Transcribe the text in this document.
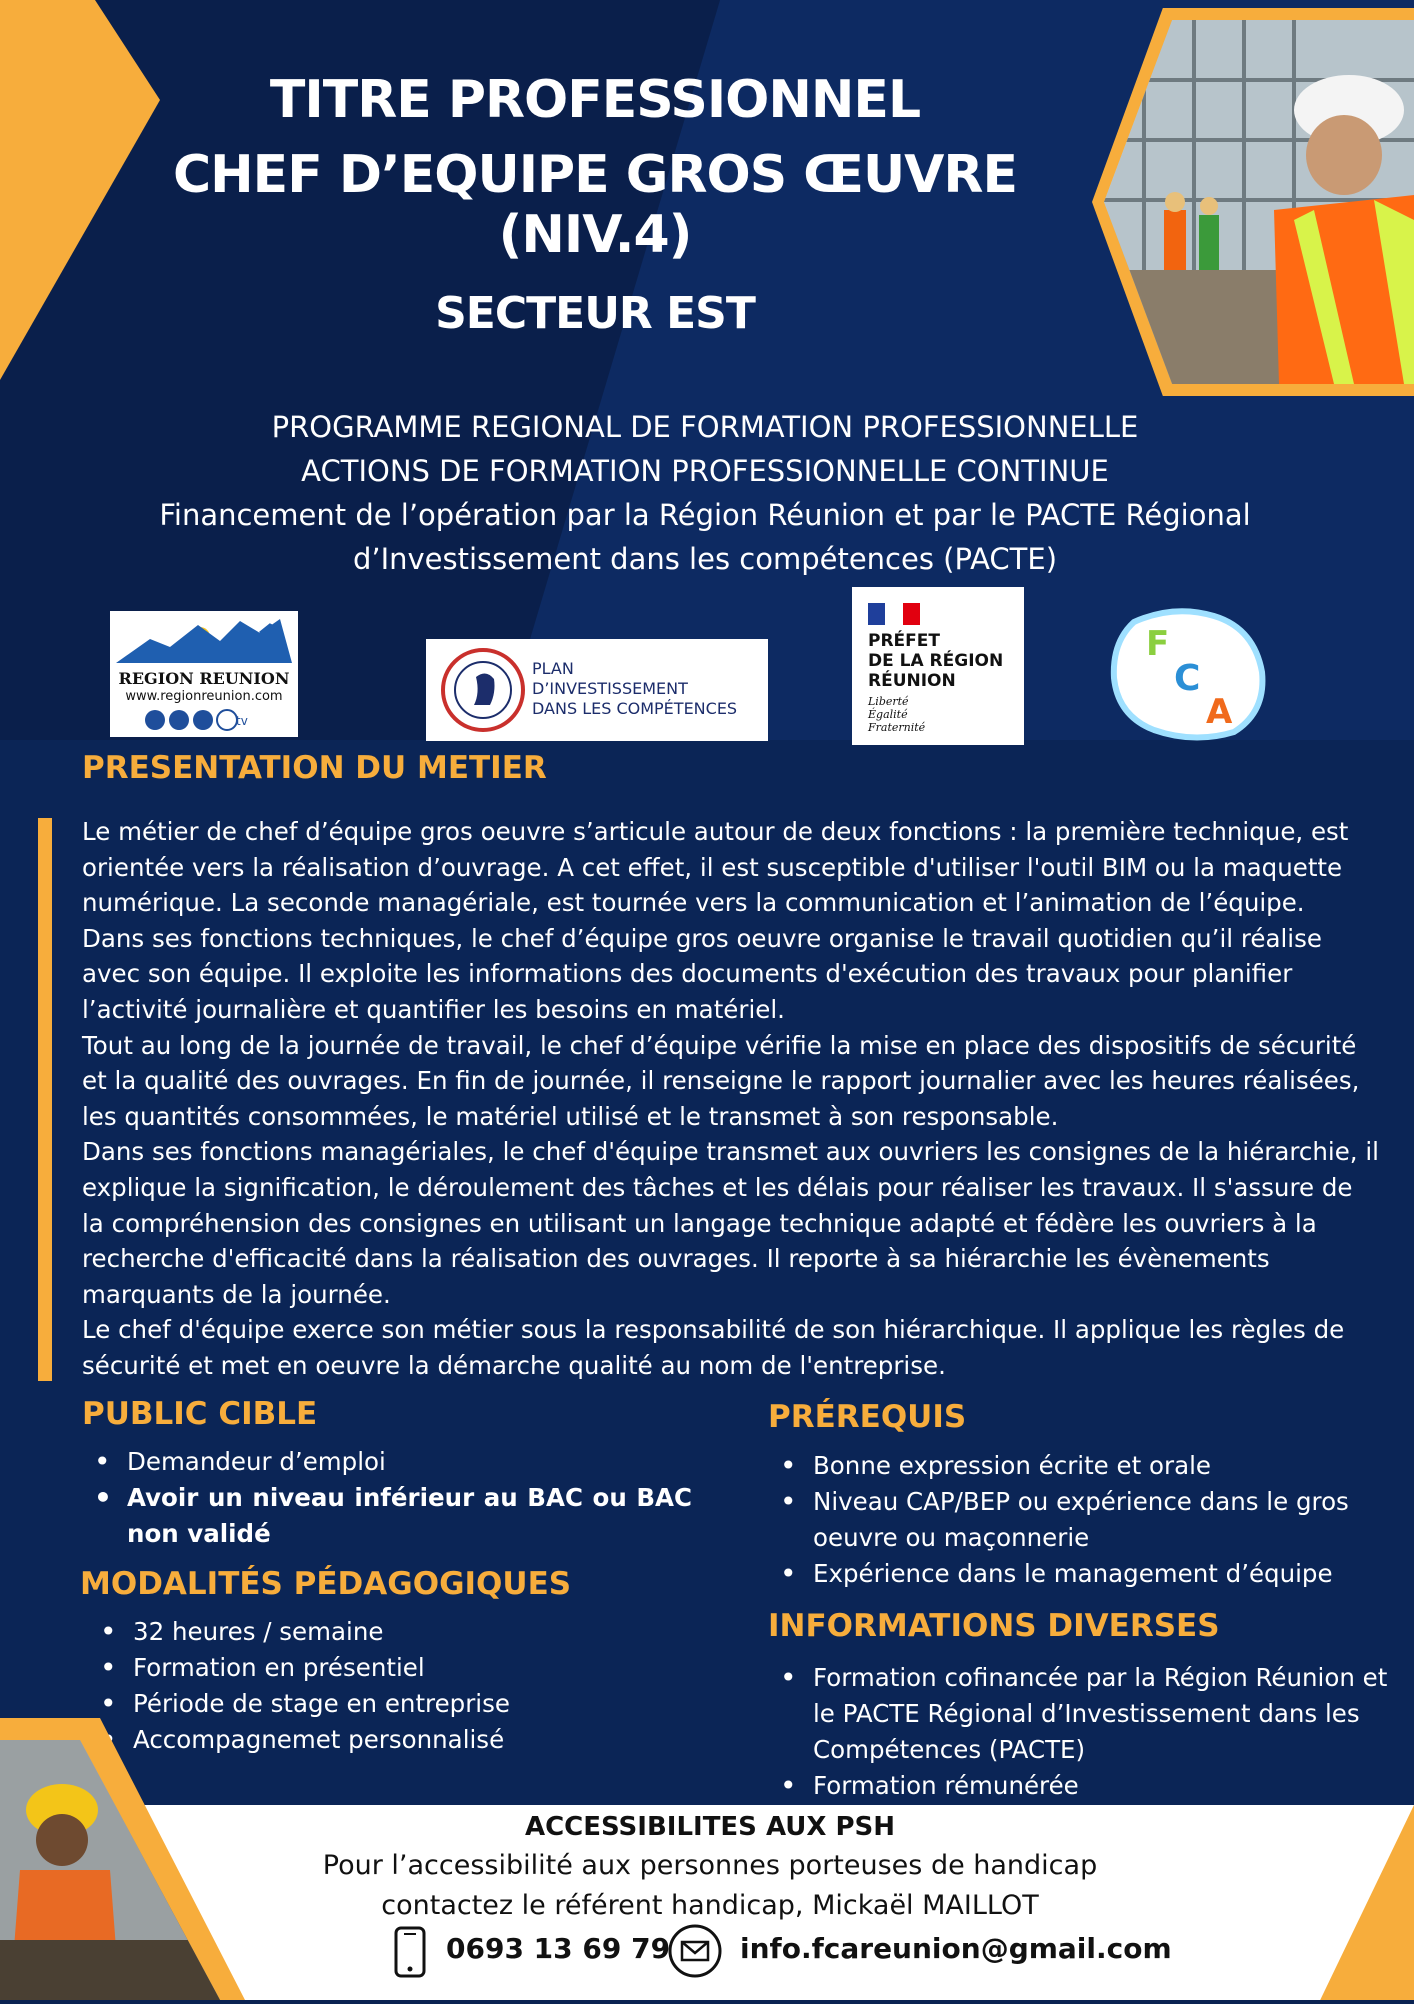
TITRE PROFESSIONNEL
CHEF D’EQUIPE GROS ŒUVRE (NIV.4)
SECTEUR EST
PROGRAMME REGIONAL DE FORMATION PROFESSIONNELLE
ACTIONS DE FORMATION PROFESSIONNELLE CONTINUE
Financement de l’opération par la Région Réunion et par le PACTE Régional
d’Investissement dans les compétences (PACTE)
REGION REUNION
www.regionreunion.com
tv
PLAN
D’INVESTISSEMENT
DANS LES COMPÉTENCES
PRÉFET
DE LA RÉGION
RÉUNION
Liberté
Égalité
Fraternité
F
C
A
PRESENTATION DU METIER

Le métier de chef d’équipe gros oeuvre s’articule autour de deux fonctions : la première technique, est orientée vers la réalisation d’ouvrage. A cet effet, il est susceptible d'utiliser l'outil BIM ou la maquette numérique. La seconde managériale, est tournée vers la communication et l’animation de l’équipe.

Dans ses fonctions techniques, le chef d’équipe gros oeuvre organise le travail quotidien qu’il réalise avec son équipe. Il exploite les informations des documents d'exécution des travaux pour planifier l’activité journalière et quantifier les besoins en matériel.

Tout au long de la journée de travail, le chef d’équipe vérifie la mise en place des dispositifs de sécurité et la qualité des ouvrages. En fin de journée, il renseigne le rapport journalier avec les heures réalisées, les quantités consommées, le matériel utilisé et le transmet à son responsable.

Dans ses fonctions managériales, le chef d'équipe transmet aux ouvriers les consignes de la hiérarchie, il explique la signification, le déroulement des tâches et les délais pour réaliser les travaux. Il s'assure de la compréhension des consignes en utilisant un langage technique adapté et fédère les ouvriers à la recherche d'efficacité dans la réalisation des ouvrages. Il reporte à sa hiérarchie les évènements marquants de la journée.

Le chef d'équipe exerce son métier sous la responsabilité de son hiérarchique. Il applique les règles de sécurité et met en oeuvre la démarche qualité au nom de l'entreprise.

PUBLIC CIBLE
• Demandeur d’emploi
• Avoir un niveau inférieur au BAC ou BAC non validé
MODALITÉS PÉDAGOGIQUES
• 32 heures / semaine
• Formation en présentiel
• Période de stage en entreprise
• Accompagnemet personnalisé
PRÉREQUIS
• Bonne expression écrite et orale
• Niveau CAP/BEP ou expérience dans le gros oeuvre ou maçonnerie
• Expérience dans le management d’équipe
INFORMATIONS DIVERSES
• Formation cofinancée par la Région Réunion et le PACTE Régional d’Investissement dans les Compétences (PACTE)
• Formation rémunérée
ACCESSIBILITES AUX PSH
Pour l’accessibilité aux personnes porteuses de handicap
contactez le référent handicap, Mickaël MAILLOT
0693 13 69 79 info.fcareunion@gmail.com
